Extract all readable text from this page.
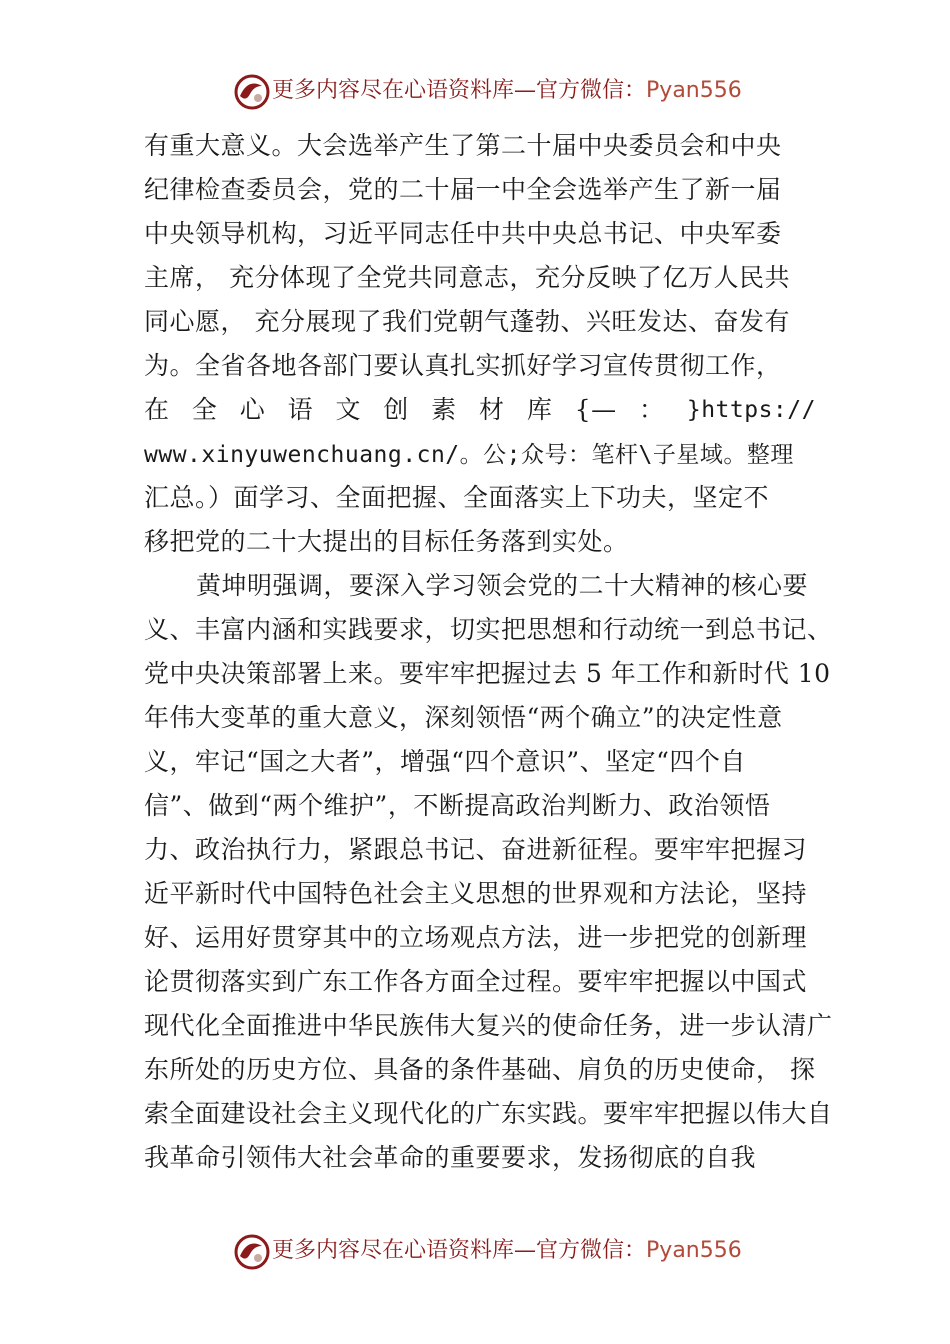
更多内容尽在心语资料库—官方微信：Pyan556
有重大意义。大会选举产生了第二十届中央委员会和中央
纪律检查委员会，党的二十届一中全会选举产生了新一届
中央领导机构，习近平同志任中共中央总书记、中央军委
主席， 充分体现了全党共同意志，充分反映了亿万人民共
同心愿， 充分展现了我们党朝气蓬勃、兴旺发达、奋发有
为。全省各地各部门要认真扎实抓好学习宣传贯彻工作，
在 全 心 语 文 创 素 材 库 {— ： }https://
www.xinyuwenchuang.cn/。公;众号：笔杆\子星域。整理
汇总。）面学习、全面把握、全面落实上下功夫，坚定不
移把党的二十大提出的目标任务落到实处。
黄坤明强调，要深入学习领会党的二十大精神的核心要
义、丰富内涵和实践要求，切实把思想和行动统一到总书记、
党中央决策部署上来。要牢牢把握过去 5 年工作和新时代 10
年伟大变革的重大意义，深刻领悟“两个确立”的决定性意
义，牢记“国之大者”，增强“四个意识”、坚定“四个自
信”、做到“两个维护”，不断提高政治判断力、政治领悟
力、政治执行力，紧跟总书记、奋进新征程。要牢牢把握习
近平新时代中国特色社会主义思想的世界观和方法论，坚持
好、运用好贯穿其中的立场观点方法，进一步把党的创新理
论贯彻落实到广东工作各方面全过程。要牢牢把握以中国式
现代化全面推进中华民族伟大复兴的使命任务，进一步认清广
东所处的历史方位、具备的条件基础、肩负的历史使命， 探
索全面建设社会主义现代化的广东实践。要牢牢把握以伟大自
我革命引领伟大社会革命的重要要求，发扬彻底的自我
更多内容尽在心语资料库—官方微信：Pyan556
